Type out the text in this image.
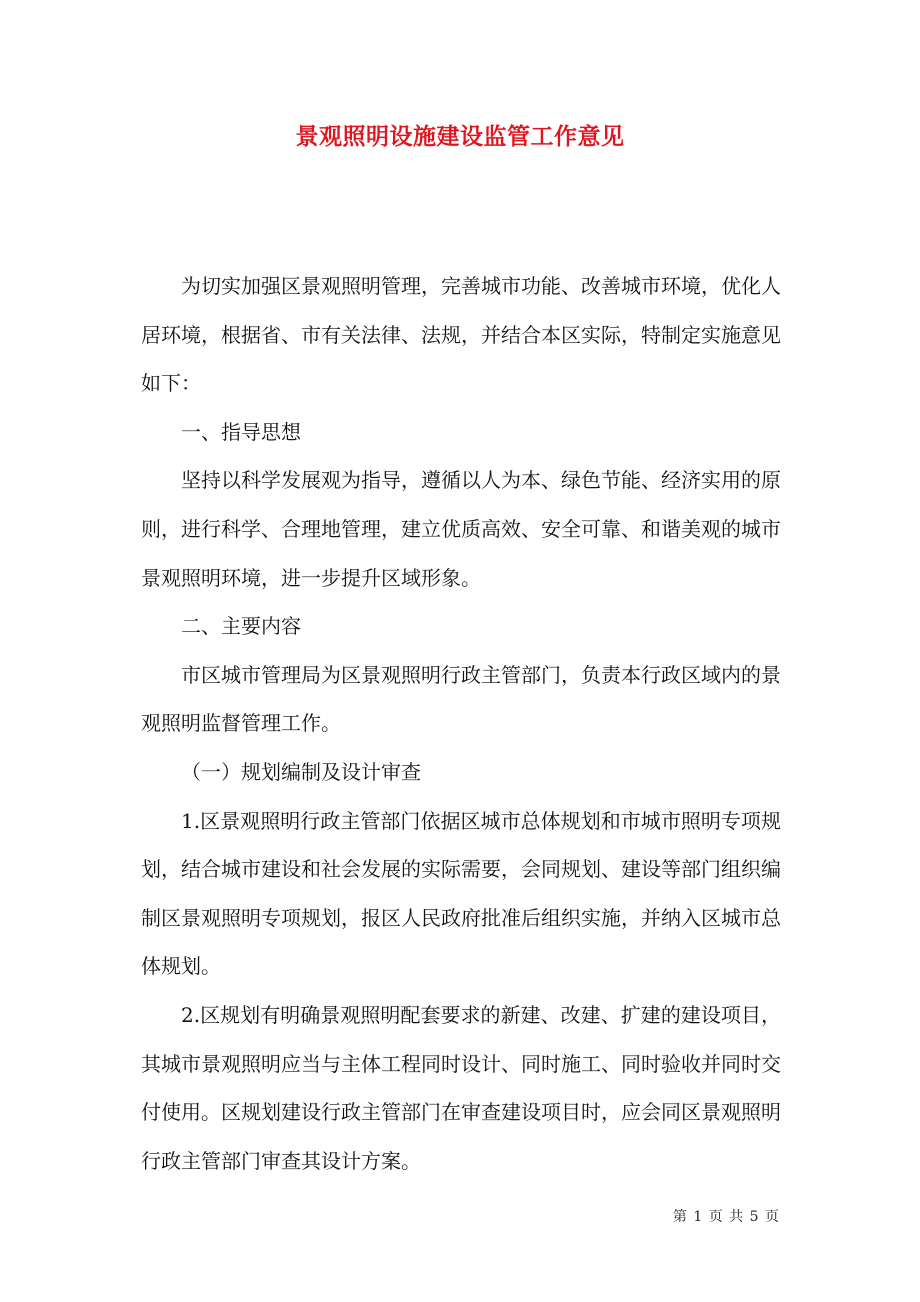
景观照明设施建设监管工作意见

为切实加强区景观照明管理，完善城市功能、改善城市环境，优化人居环境，根据省、市有关法律、法规，并结合本区实际，特制定实施意见如下：

一、指导思想

坚持以科学发展观为指导，遵循以人为本、绿色节能、经济实用的原则，进行科学、合理地管理，建立优质高效、安全可靠、和谐美观的城市景观照明环境，进一步提升区域形象。

二、主要内容

市区城市管理局为区景观照明行政主管部门，负责本行政区域内的景观照明监督管理工作。

（一）规划编制及设计审查

1.区景观照明行政主管部门依据区城市总体规划和市城市照明专项规划，结合城市建设和社会发展的实际需要，会同规划、建设等部门组织编制区景观照明专项规划，报区人民政府批准后组织实施，并纳入区城市总体规划。

2.区规划有明确景观照明配套要求的新建、改建、扩建的建设项目，其城市景观照明应当与主体工程同时设计、同时施工、同时验收并同时交付使用。区规划建设行政主管部门在审查建设项目时，应会同区景观照明行政主管部门审查其设计方案。

第 1 页 共 5 页
